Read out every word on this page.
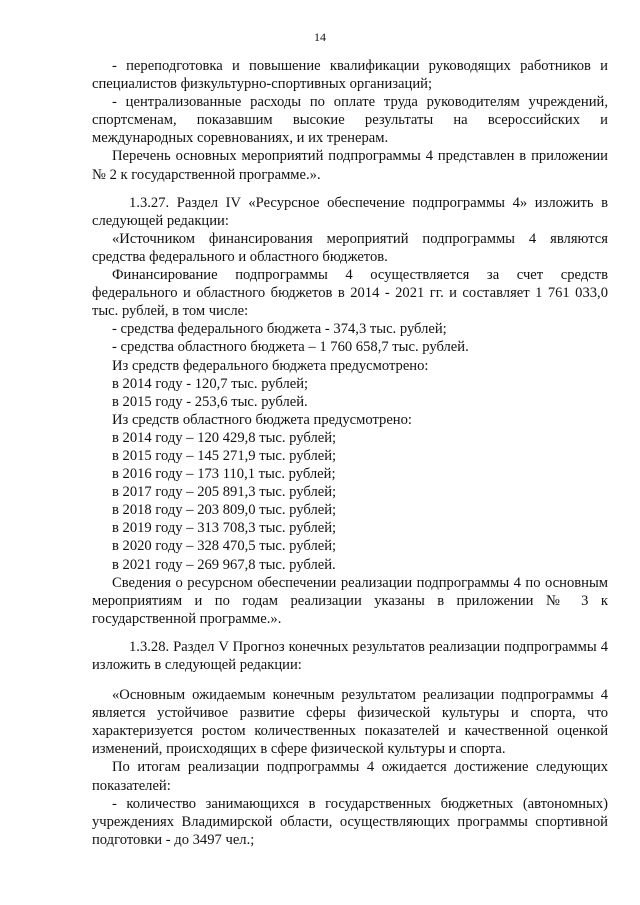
14
- переподготовка и повышение квалификации руководящих работников и специалистов физкультурно-спортивных организаций;
- централизованные расходы по оплате труда руководителям учреждений, спортсменам, показавшим высокие результаты на всероссийских и международных соревнованиях, и их тренерам.
Перечень основных мероприятий подпрограммы 4 представлен в приложении № 2 к государственной программе.».
1.3.27. Раздел IV «Ресурсное обеспечение подпрограммы 4» изложить в следующей редакции:
«Источником финансирования мероприятий подпрограммы 4 являются средства федерального и областного бюджетов.
Финансирование подпрограммы 4 осуществляется за счет средств федерального и областного бюджетов в 2014 - 2021 гг. и составляет 1 761 033,0 тыс. рублей, в том числе:
- средства федерального бюджета - 374,3 тыс. рублей;
- средства областного бюджета – 1 760 658,7 тыс. рублей.
Из средств федерального бюджета предусмотрено:
в 2014 году - 120,7 тыс. рублей;
в 2015 году - 253,6 тыс. рублей.
Из средств областного бюджета предусмотрено:
в 2014 году – 120 429,8 тыс. рублей;
в 2015 году – 145 271,9 тыс. рублей;
в 2016 году – 173 110,1 тыс. рублей;
в 2017 году – 205 891,3 тыс. рублей;
в 2018 году – 203 809,0 тыс. рублей;
в 2019 году – 313 708,3 тыс. рублей;
в 2020 году – 328 470,5 тыс. рублей;
в 2021 году – 269 967,8 тыс. рублей.
Сведения о ресурсном обеспечении реализации подпрограммы 4 по основным мероприятиям и по годам реализации указаны в приложении № 3 к государственной программе.».
1.3.28. Раздел V Прогноз конечных результатов реализации подпрограммы 4 изложить в следующей редакции:
«Основным ожидаемым конечным результатом реализации подпрограммы 4 является устойчивое развитие сферы физической культуры и спорта, что характеризуется ростом количественных показателей и качественной оценкой изменений, происходящих в сфере физической культуры и спорта.
По итогам реализации подпрограммы 4 ожидается достижение следующих показателей:
- количество занимающихся в государственных бюджетных (автономных) учреждениях Владимирской области, осуществляющих программы спортивной подготовки - до 3497 чел.;
